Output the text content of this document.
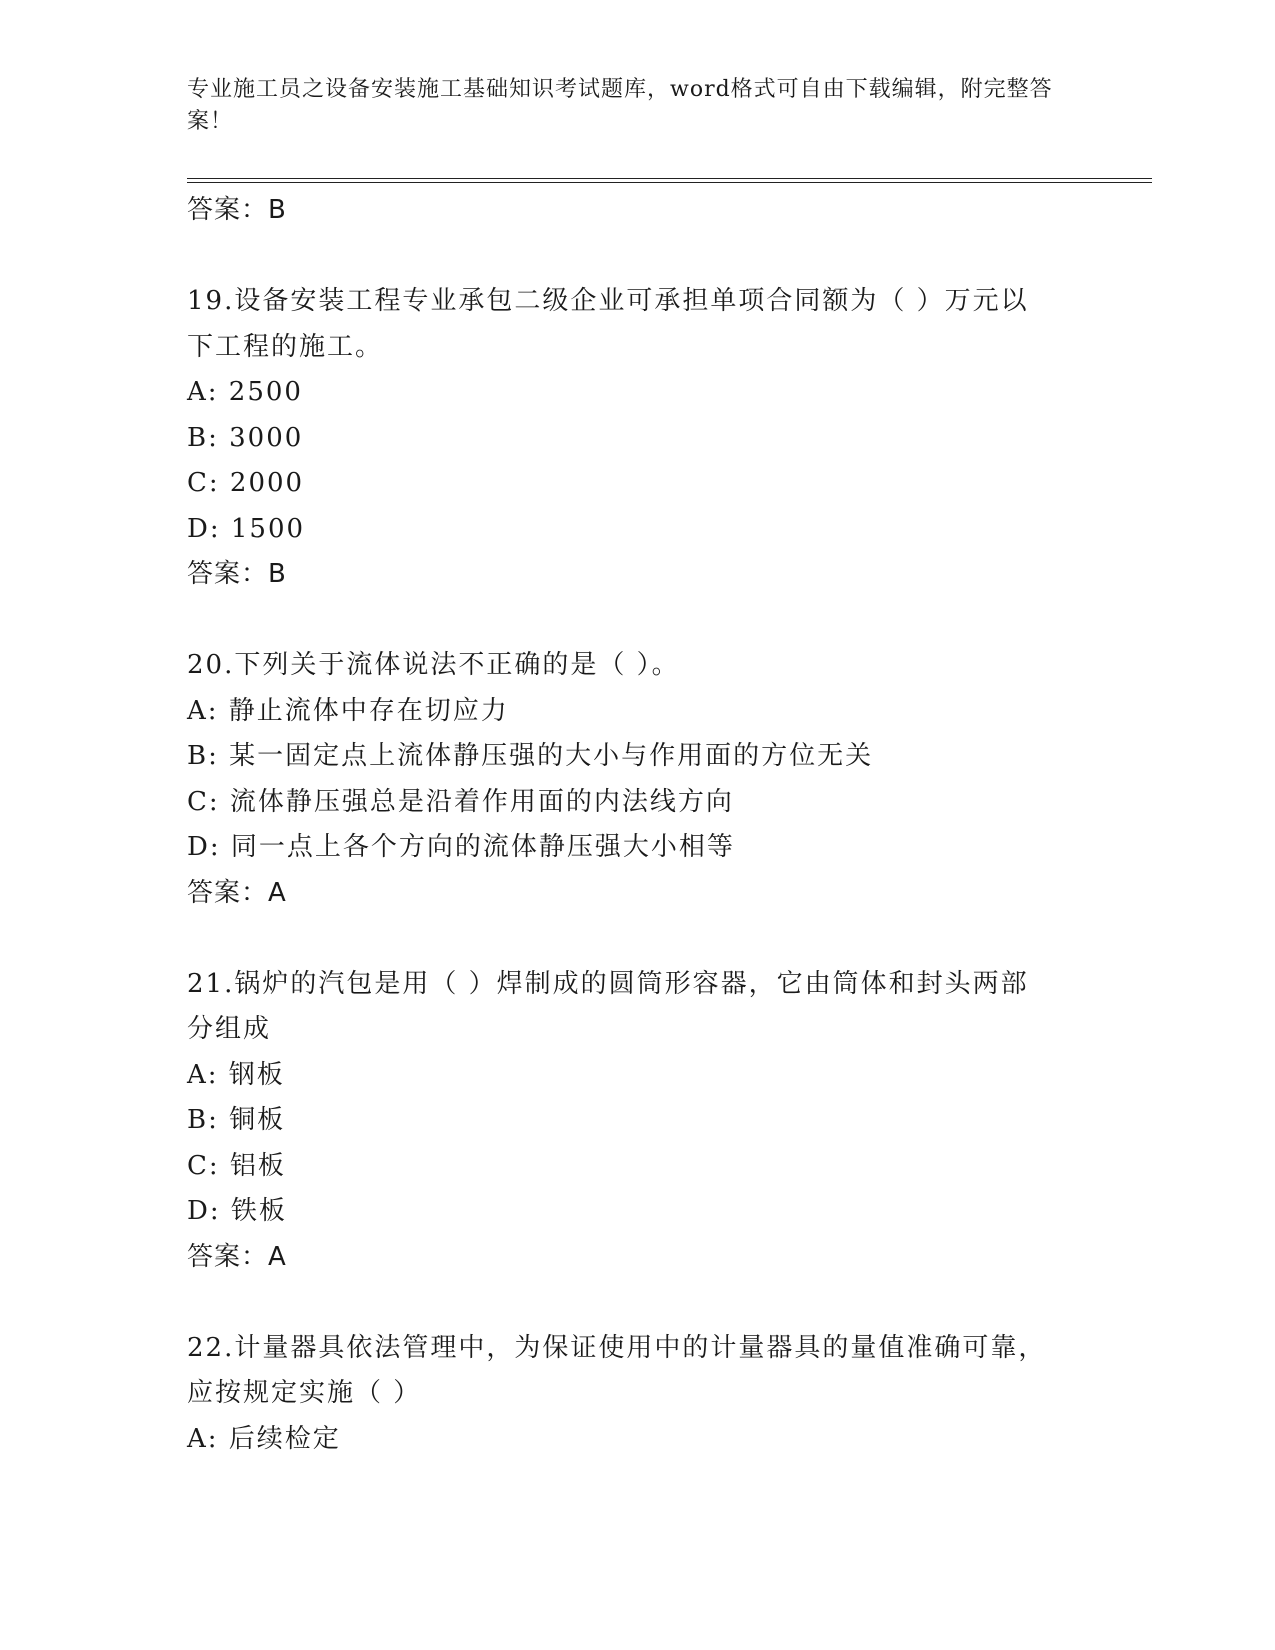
专业施工员之设备安装施工基础知识考试题库，word格式可自由下载编辑，附完整答案！
答案：B
19.设备安装工程专业承包二级企业可承担单项合同额为（ ）万元以
下工程的施工。
A: 2500
B: 3000
C: 2000
D: 1500
答案：B
20.下列关于流体说法不正确的是（ ）。
A: 静止流体中存在切应力
B: 某一固定点上流体静压强的大小与作用面的方位无关
C: 流体静压强总是沿着作用面的内法线方向
D: 同一点上各个方向的流体静压强大小相等
答案：A
21.锅炉的汽包是用（ ）焊制成的圆筒形容器，它由筒体和封头两部
分组成
A: 钢板
B: 铜板
C: 铝板
D: 铁板
答案：A
22.计量器具依法管理中，为保证使用中的计量器具的量值准确可靠，
应按规定实施（ ）
A: 后续检定
